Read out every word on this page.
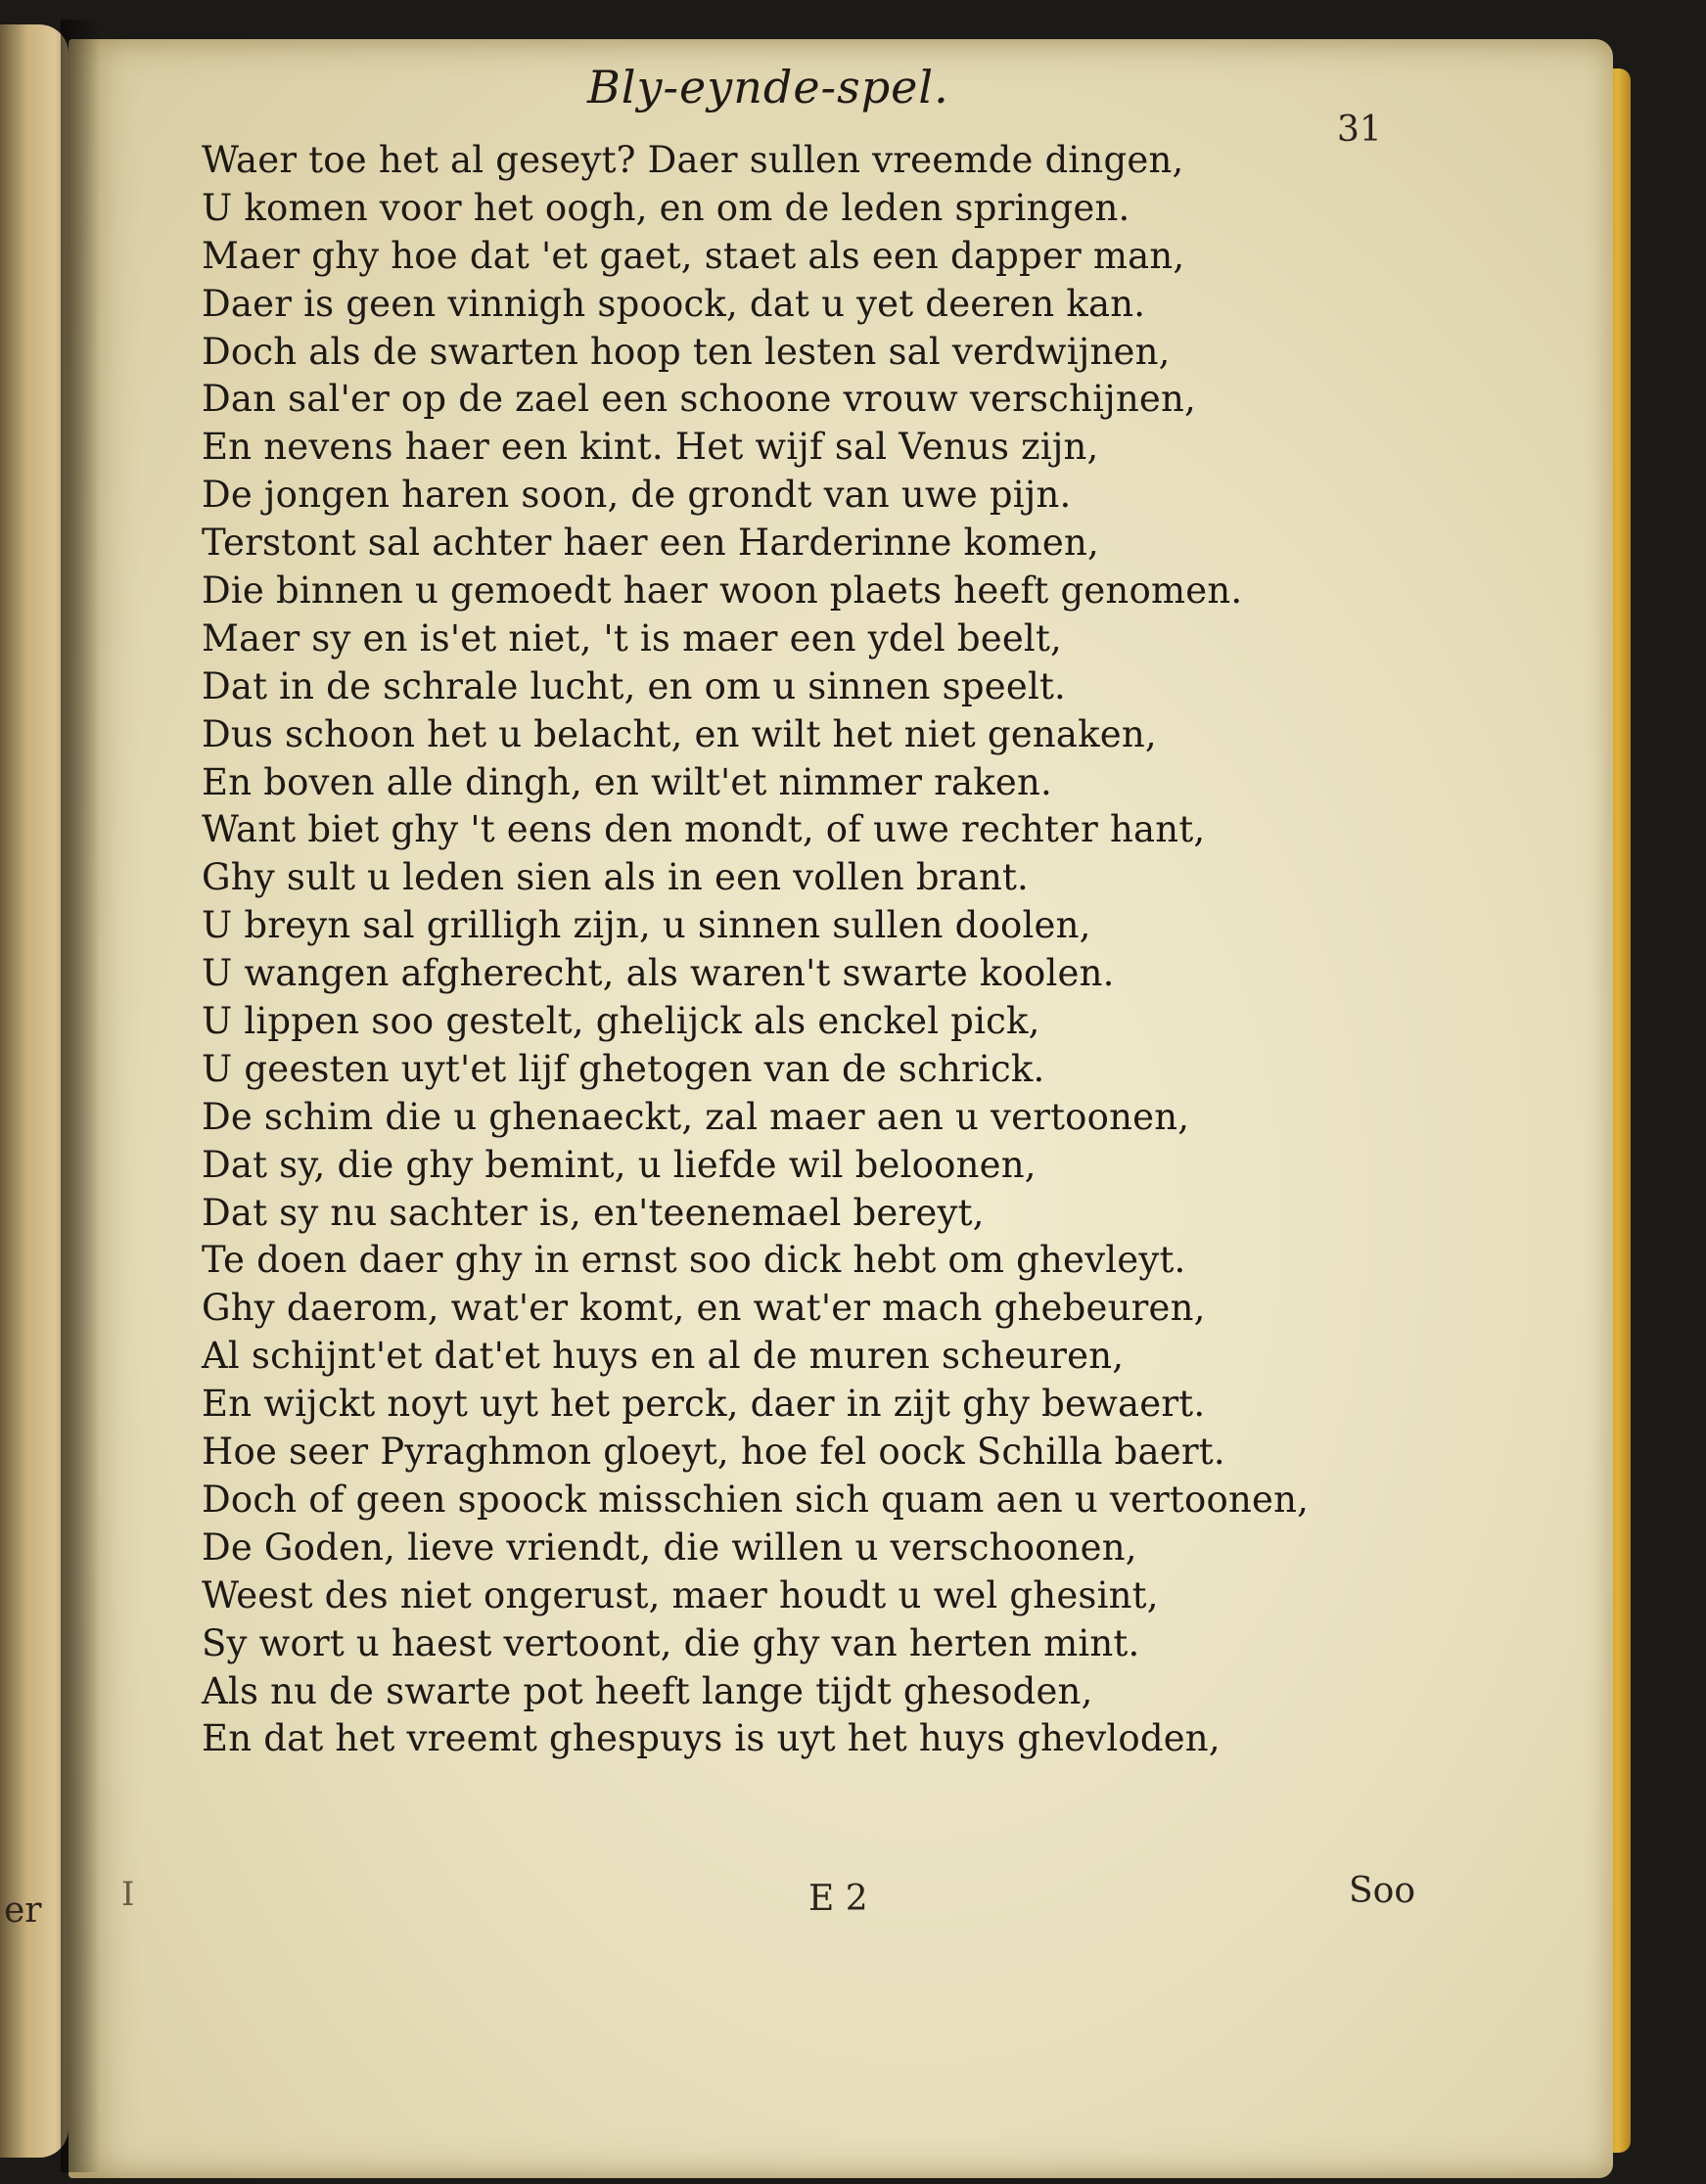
er
Bly-eynde-spel.
31
Waer toe het al geseyt? Daer sullen vreemde dingen,
U komen voor het oogh, en om de leden springen.
Maer ghy hoe dat 'et gaet, staet als een dapper man,
Daer is geen vinnigh spoock, dat u yet deeren kan.
Doch als de swarten hoop ten lesten sal verdwijnen,
Dan sal'er op de zael een schoone vrouw verschijnen,
En nevens haer een kint. Het wijf sal Venus zijn,
De jongen haren soon, de grondt van uwe pijn.
Terstont sal achter haer een Harderinne komen,
Die binnen u gemoedt haer woon plaets heeft genomen.
Maer sy en is'et niet, 't is maer een ydel beelt,
Dat in de schrale lucht, en om u sinnen speelt.
Dus schoon het u belacht, en wilt het niet genaken,
En boven alle dingh, en wilt'et nimmer raken.
Want biet ghy 't eens den mondt, of uwe rechter hant,
Ghy sult u leden sien als in een vollen brant.
U breyn sal grilligh zijn, u sinnen sullen doolen,
U wangen afgherecht, als waren't swarte koolen.
U lippen soo gestelt, ghelijck als enckel pick,
U geesten uyt'et lijf ghetogen van de schrick.
De schim die u ghenaeckt, zal maer aen u vertoonen,
Dat sy, die ghy bemint, u liefde wil beloonen,
Dat sy nu sachter is, en'teenemael bereyt,
Te doen daer ghy in ernst soo dick hebt om ghevleyt.
Ghy daerom, wat'er komt, en wat'er mach ghebeuren,
Al schijnt'et dat'et huys en al de muren scheuren,
En wijckt noyt uyt het perck, daer in zijt ghy bewaert.
Hoe seer Pyraghmon gloeyt, hoe fel oock Schilla baert.
Doch of geen spoock misschien sich quam aen u vertoonen,
De Goden, lieve vriendt, die willen u verschoonen,
Weest des niet ongerust, maer houdt u wel ghesint,
Sy wort u haest vertoont, die ghy van herten mint.
Als nu de swarte pot heeft lange tijdt ghesoden,
En dat het vreemt ghespuys is uyt het huys ghevloden,
I	E 2	Soo
